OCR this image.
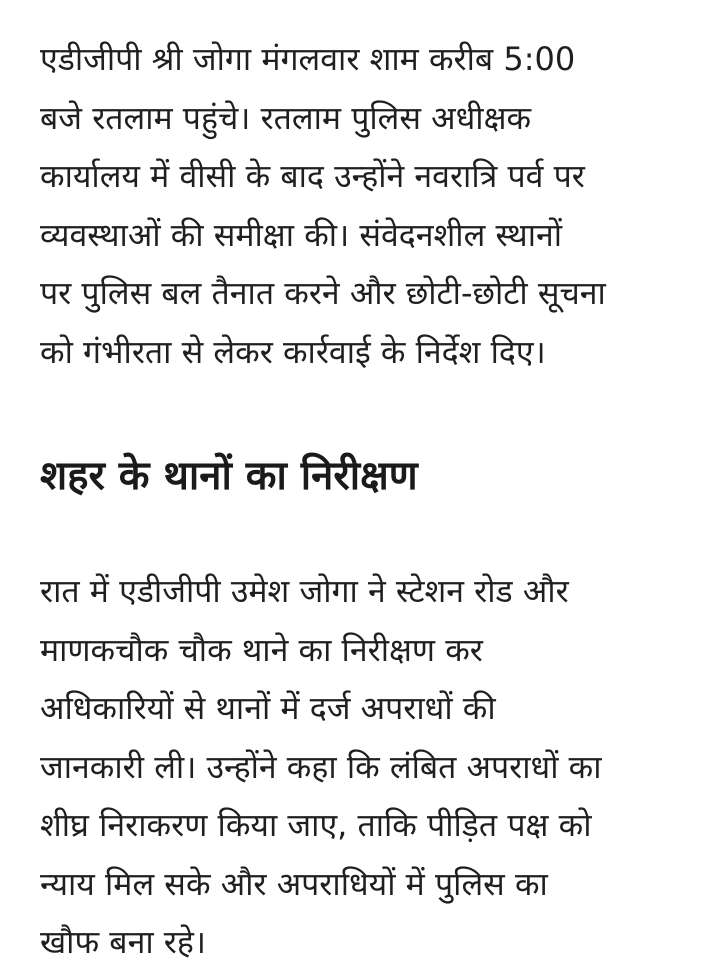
एडीजीपी श्री जोगा मंगलवार शाम करीब 5:00
बजे रतलाम पहुंचे। रतलाम पुलिस अधीक्षक
कार्यालय में वीसी के बाद उन्होंने नवरात्रि पर्व पर
व्यवस्थाओं की समीक्षा की। संवेदनशील स्थानों
पर पुलिस बल तैनात करने और छोटी-छोटी सूचना
को गंभीरता से लेकर कार्रवाई के निर्देश दिए।

शहर के थानों का निरीक्षण

रात में एडीजीपी उमेश जोगा ने स्टेशन रोड और
माणकचौक चौक थाने का निरीक्षण कर
अधिकारियों से थानों में दर्ज अपराधों की
जानकारी ली। उन्होंने कहा कि लंबित अपराधों का
शीघ्र निराकरण किया जाए, ताकि पीड़ित पक्ष को
न्याय मिल सके और अपराधियों में पुलिस का
खौफ बना रहे।
